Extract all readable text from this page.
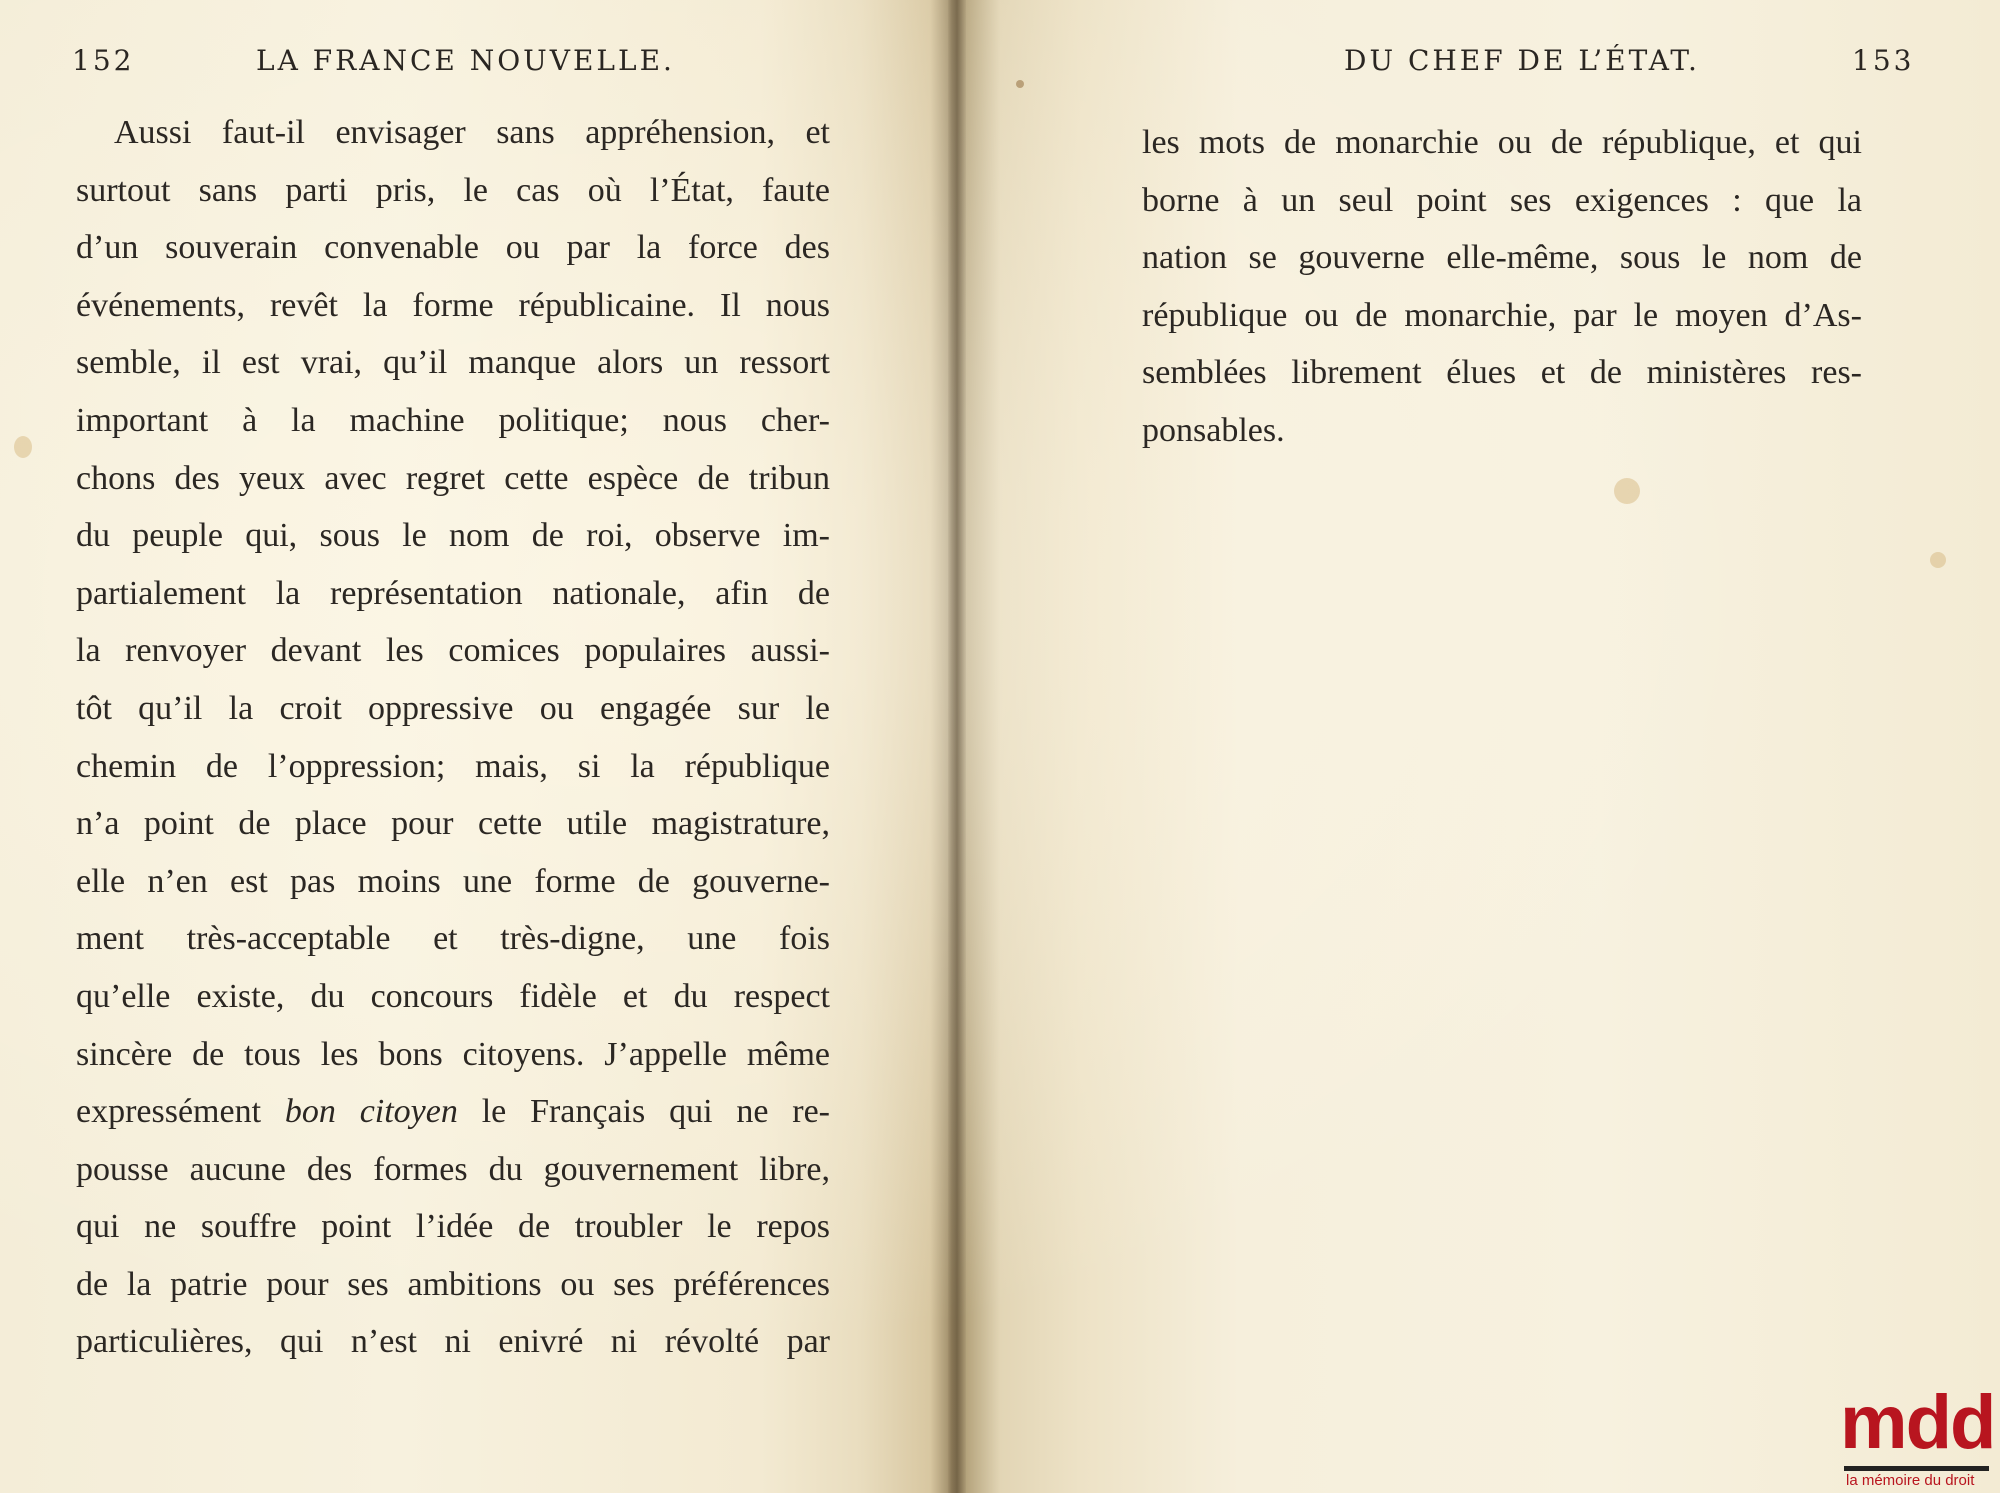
152	LA FRANCE NOUVELLE.
Aussi faut-il envisager sans appréhension, et
surtout sans parti pris, le cas où l’État, faute
d’un souverain convenable ou par la force des
événements, revêt la forme républicaine. Il nous
semble, il est vrai, qu’il manque alors un ressort
important à la machine politique; nous cher-
chons des yeux avec regret cette espèce de tribun
du peuple qui, sous le nom de roi, observe im-
partialement la représentation nationale, afin de
la renvoyer devant les comices populaires aussi-
tôt qu’il la croit oppressive ou engagée sur le
chemin de l’oppression; mais, si la république
n’a point de place pour cette utile magistrature,
elle n’en est pas moins une forme de gouverne-
ment très-acceptable et très-digne, une fois
qu’elle existe, du concours fidèle et du respect
sincère de tous les bons citoyens. J’appelle même
expressément bon citoyen le Français qui ne re-
pousse aucune des formes du gouvernement libre,
qui ne souffre point l’idée de troubler le repos
de la patrie pour ses ambitions ou ses préférences
particulières, qui n’est ni enivré ni révolté par
DU CHEF DE L’ÉTAT.	153
les mots de monarchie ou de république, et qui
borne à un seul point ses exigences : que la
nation se gouverne elle-même, sous le nom de
république ou de monarchie, par le moyen d’As-
semblées librement élues et de ministères res-
ponsables.
mdd
la mémoire du droit
